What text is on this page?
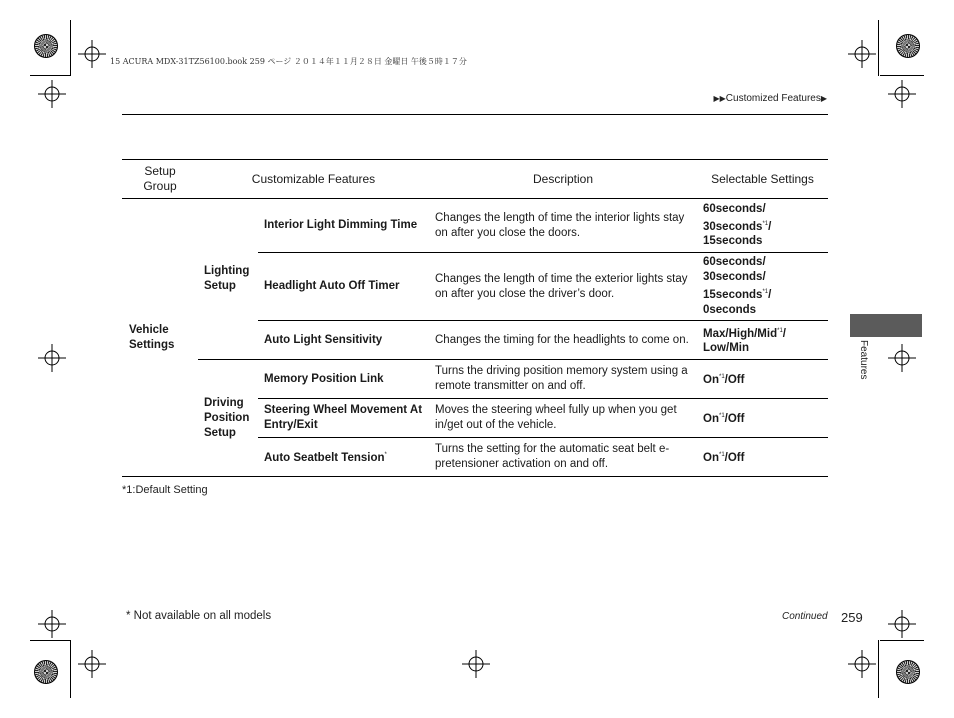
15 ACURA MDX-31TZ56100.book 259 ページ ２０１４年１１月２８日 金曜日 午後５時１７分
▶▶Customized Features▶
Setup Group	Customizable Features		Description	Selectable Settings
Vehicle Settings	Lighting Setup	Interior Light Dimming Time	Changes the length of time the interior lights stay on after you close the doors.	60seconds/
30seconds$^{*1}$/
15seconds
		Headlight Auto Off Timer	Changes the length of time the exterior lights stay on after you close the driver’s door.	60seconds/
30seconds/
15seconds$^{*1}$/
0seconds
		Auto Light Sensitivity	Changes the timing for the headlights to come on.	Max/High/Mid$^{*1}$/
Low/Min
	Driving Position Setup	Memory Position Link	Turns the driving position memory system using a remote transmitter on and off.	On$^{*1}$/Off
		Steering Wheel Movement At Entry/Exit	Moves the steering wheel fully up when you get in/get out of the vehicle.	On$^{*1}$/Off
		Auto Seatbelt Tension*	Turns the setting for the automatic seat belt e-pretensioner activation on and off.	On$^{*1}$/Off
*1:Default Setting
Features
* Not available on all models	Continued 259
